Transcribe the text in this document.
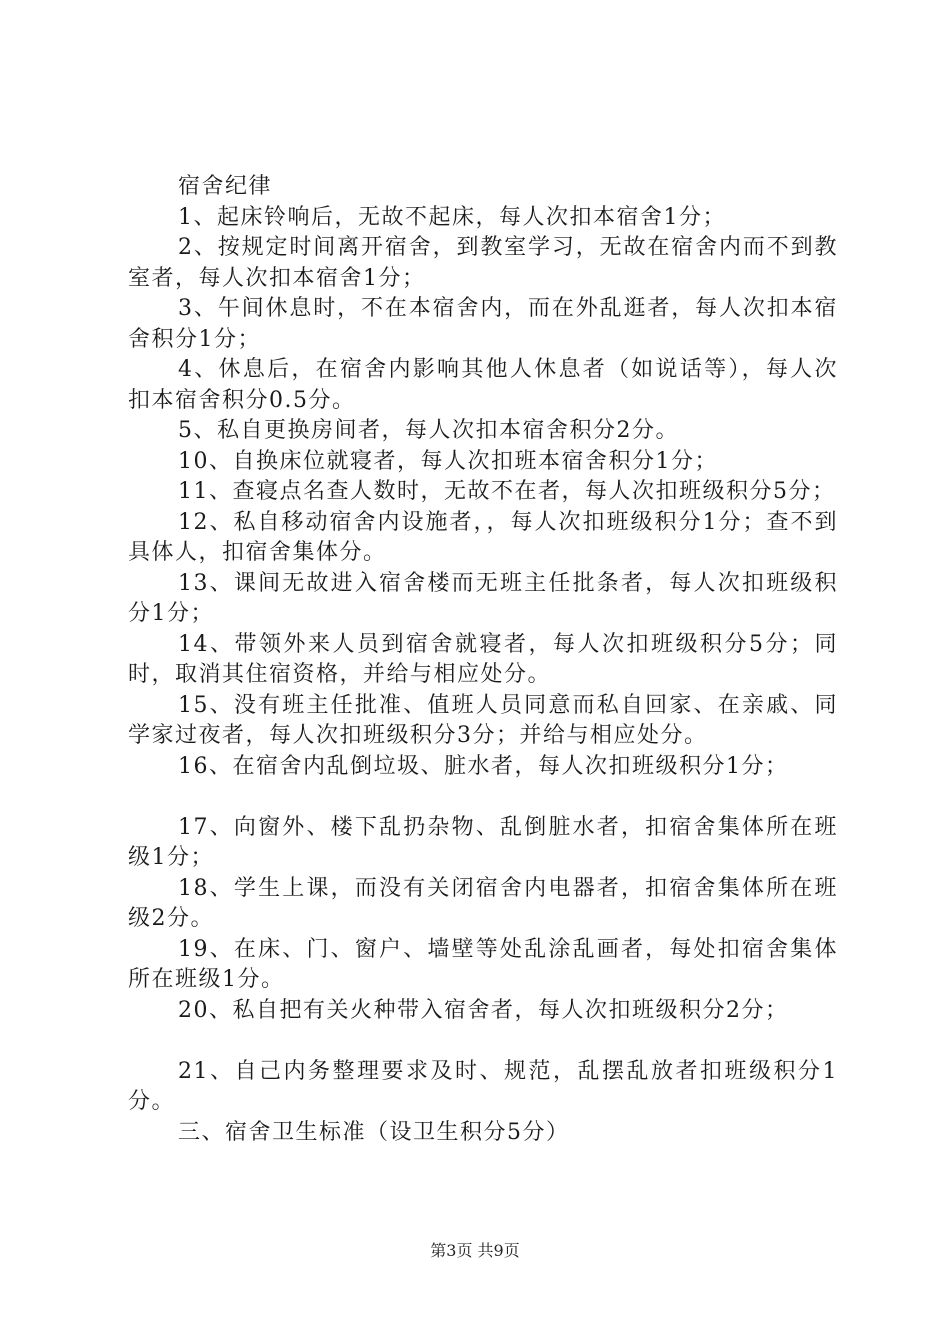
宿舍纪律

1、起床铃响后，无故不起床，每人次扣本宿舍1分；

2、按规定时间离开宿舍，到教室学习，无故在宿舍内而不到教室者，每人次扣本宿舍1分；

3、午间休息时，不在本宿舍内，而在外乱逛者，每人次扣本宿舍积分1分；

4、休息后，在宿舍内影响其他人休息者（如说话等），每人次扣本宿舍积分0.5分。

5、私自更换房间者，每人次扣本宿舍积分2分。

10、自换床位就寝者，每人次扣班本宿舍积分1分；

11、查寝点名查人数时，无故不在者，每人次扣班级积分5分；

12、私自移动宿舍内设施者，，每人次扣班级积分1分；查不到具体人，扣宿舍集体分。

13、课间无故进入宿舍楼而无班主任批条者，每人次扣班级积分1分；

14、带领外来人员到宿舍就寝者，每人次扣班级积分5分；同时，取消其住宿资格，并给与相应处分。

15、没有班主任批准、值班人员同意而私自回家、在亲戚、同学家过夜者，每人次扣班级积分3分；并给与相应处分。

16、在宿舍内乱倒垃圾、脏水者，每人次扣班级积分1分；

17、向窗外、楼下乱扔杂物、乱倒脏水者，扣宿舍集体所在班级1分；

18、学生上课，而没有关闭宿舍内电器者，扣宿舍集体所在班级2分。

19、在床、门、窗户、墙壁等处乱涂乱画者，每处扣宿舍集体所在班级1分。

20、私自把有关火种带入宿舍者，每人次扣班级积分2分；

21、自己内务整理要求及时、规范，乱摆乱放者扣班级积分1分。

三、宿舍卫生标准（设卫生积分5分）

第3页 共9页
